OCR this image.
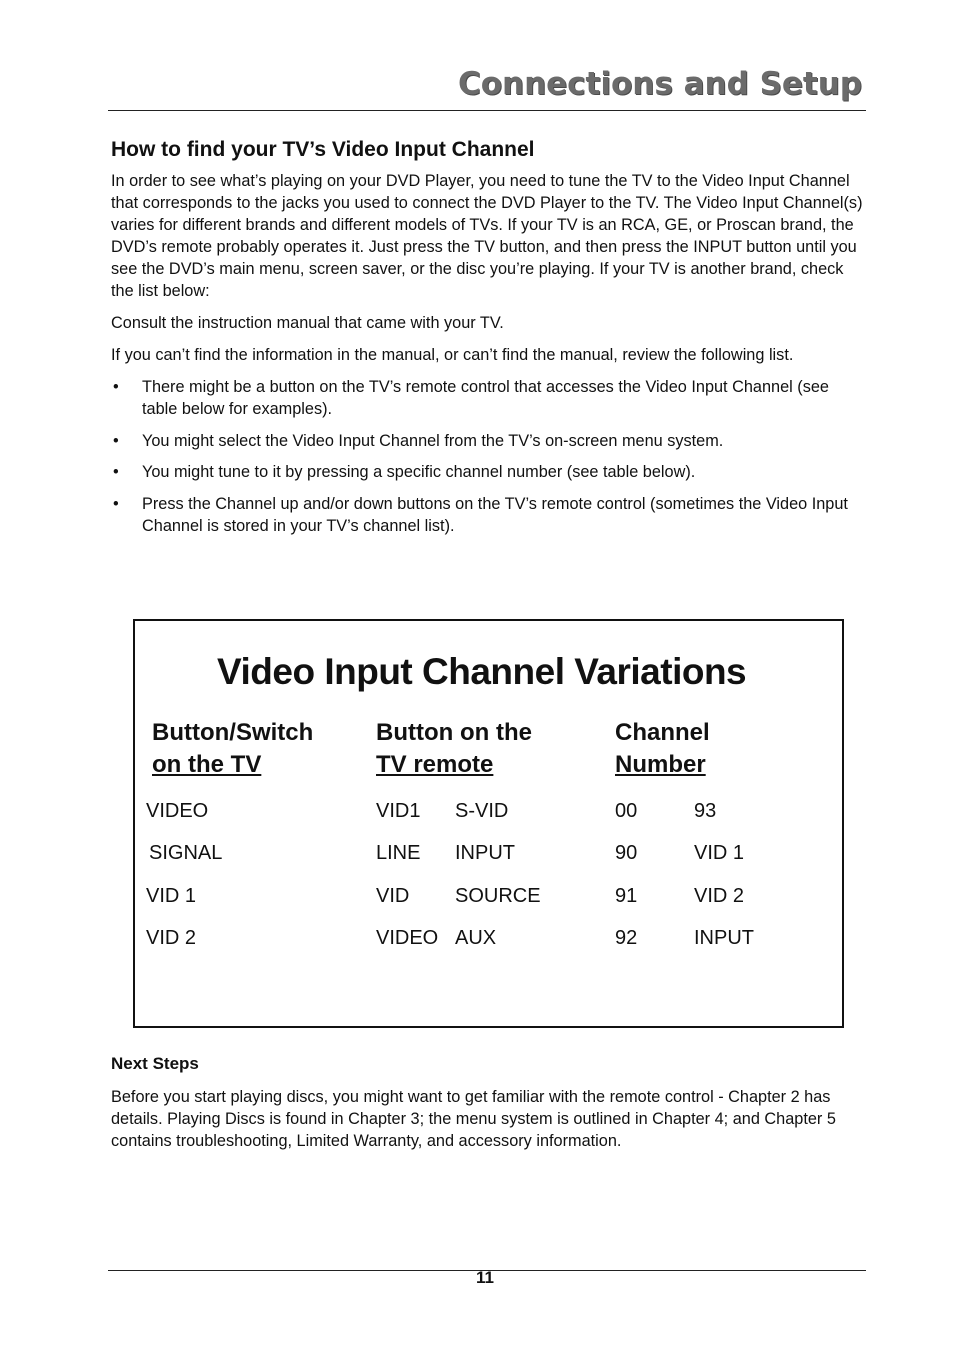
Connections and Setup
How to find your TV’s Video Input Channel

In order to see what’s playing on your DVD Player, you need to tune the TV to the Video Input Channel that corresponds to the jacks you used to connect the DVD Player to the TV. The Video Input Channel(s) varies for different brands and different models of TVs. If your TV is an RCA, GE, or Proscan brand, the DVD’s remote probably operates it. Just press the TV button, and then press the INPUT button until you see the DVD’s main menu, screen saver, or the disc you’re playing. If your TV is another brand, check the list below:

Consult the instruction manual that came with your TV.

If you can’t find the information in the manual, or can’t find the manual, review the following list.

• There might be a button on the TV’s remote control that accesses the Video Input Channel (see table below for examples).
• You might select the Video Input Channel from the TV’s on-screen menu system.
• You might tune to it by pressing a specific channel number (see table below).
• Press the Channel up and/or down buttons on the TV’s remote control (sometimes the Video Input Channel is stored in your TV’s channel list).
Video Input Channel Variations
Button/Switch
on the TV
Button on the
TV remote
Channel
Number
VIDEO	VID1 S-VID	00	93
SIGNAL	LINE INPUT	90	VID 1
VID 1	VID SOURCE	91	VID 2
VID 2	VIDEO AUX	92	INPUT
Next Steps

Before you start playing discs, you might want to get familiar with the remote control - Chapter 2 has details. Playing Discs is found in Chapter 3; the menu system is outlined in Chapter 4; and Chapter 5 contains troubleshooting, Limited Warranty, and accessory information.

11
